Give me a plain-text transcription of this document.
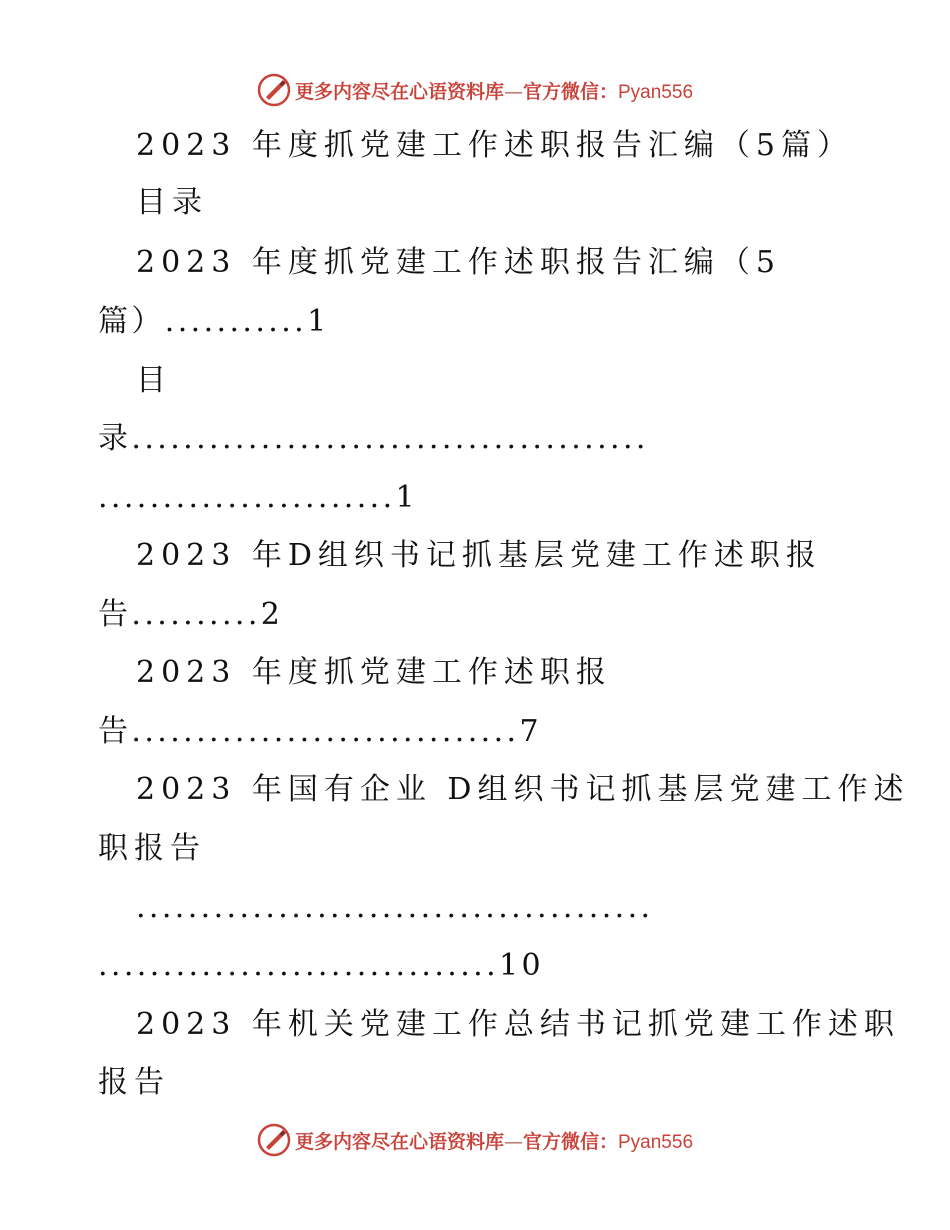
更多内容尽在心语资料库—官方微信：Pyan556
2023 年度抓党建工作述职报告汇编（5篇）
目录
2023 年度抓党建工作述职报告汇编（5
篇）...........1
目
录........................................
.......................1
2023 年D组织书记抓基层党建工作述职报
告..........2
2023 年度抓党建工作述职报
告..............................7
2023 年国有企业 D组织书记抓基层党建工作述
职报告
........................................
...............................10
2023 年机关党建工作总结书记抓党建工作述职
报告
更多内容尽在心语资料库—官方微信：Pyan556
